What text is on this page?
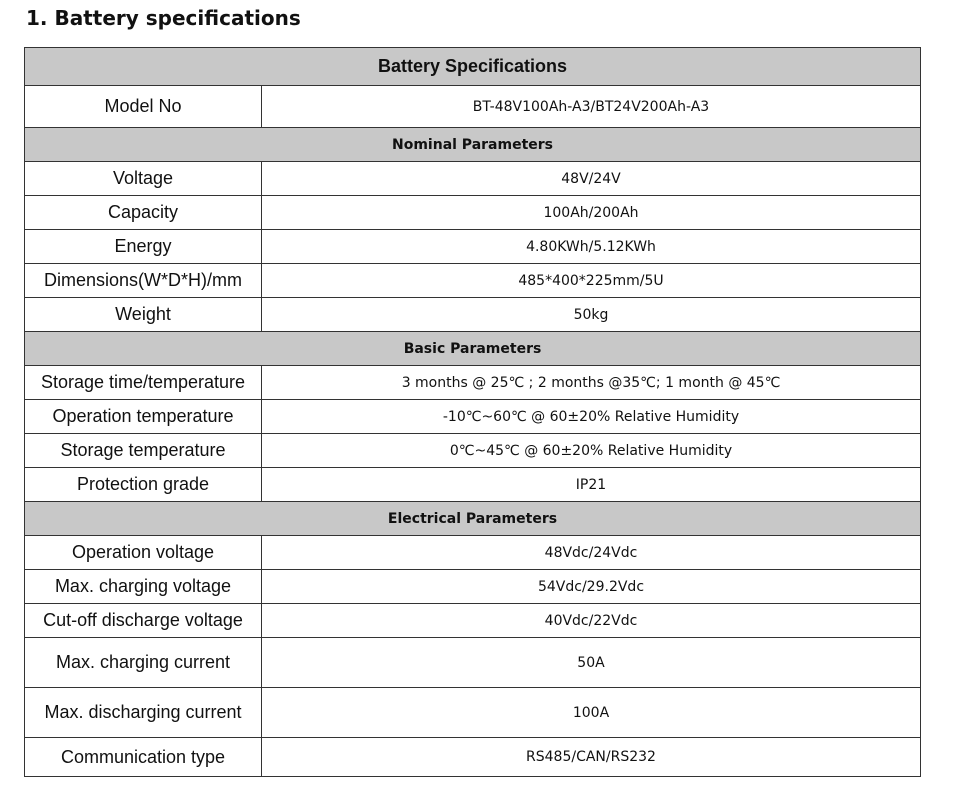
1. Battery specifications
Battery Specifications	
Model No	BT-48V100Ah-A3/BT24V200Ah-A3
Nominal Parameters	
Voltage	48V/24V
Capacity	100Ah/200Ah
Energy	4.80KWh/5.12KWh
Dimensions(W*D*H)/mm	485*400*225mm/5U
Weight	50kg
Basic Parameters	
Storage time/temperature	3 months @ 25℃ ; 2 months @35℃; 1 month @ 45℃
Operation temperature	-10℃~60℃ @ 60±20% Relative Humidity
Storage temperature	0℃~45℃ @ 60±20% Relative Humidity
Protection grade	IP21
Electrical Parameters	
Operation voltage	48Vdc/24Vdc
Max. charging voltage	54Vdc/29.2Vdc
Cut-off discharge voltage	40Vdc/22Vdc
Max. charging current	50A
Max. discharging current	100A
Communication type	RS485/CAN/RS232
